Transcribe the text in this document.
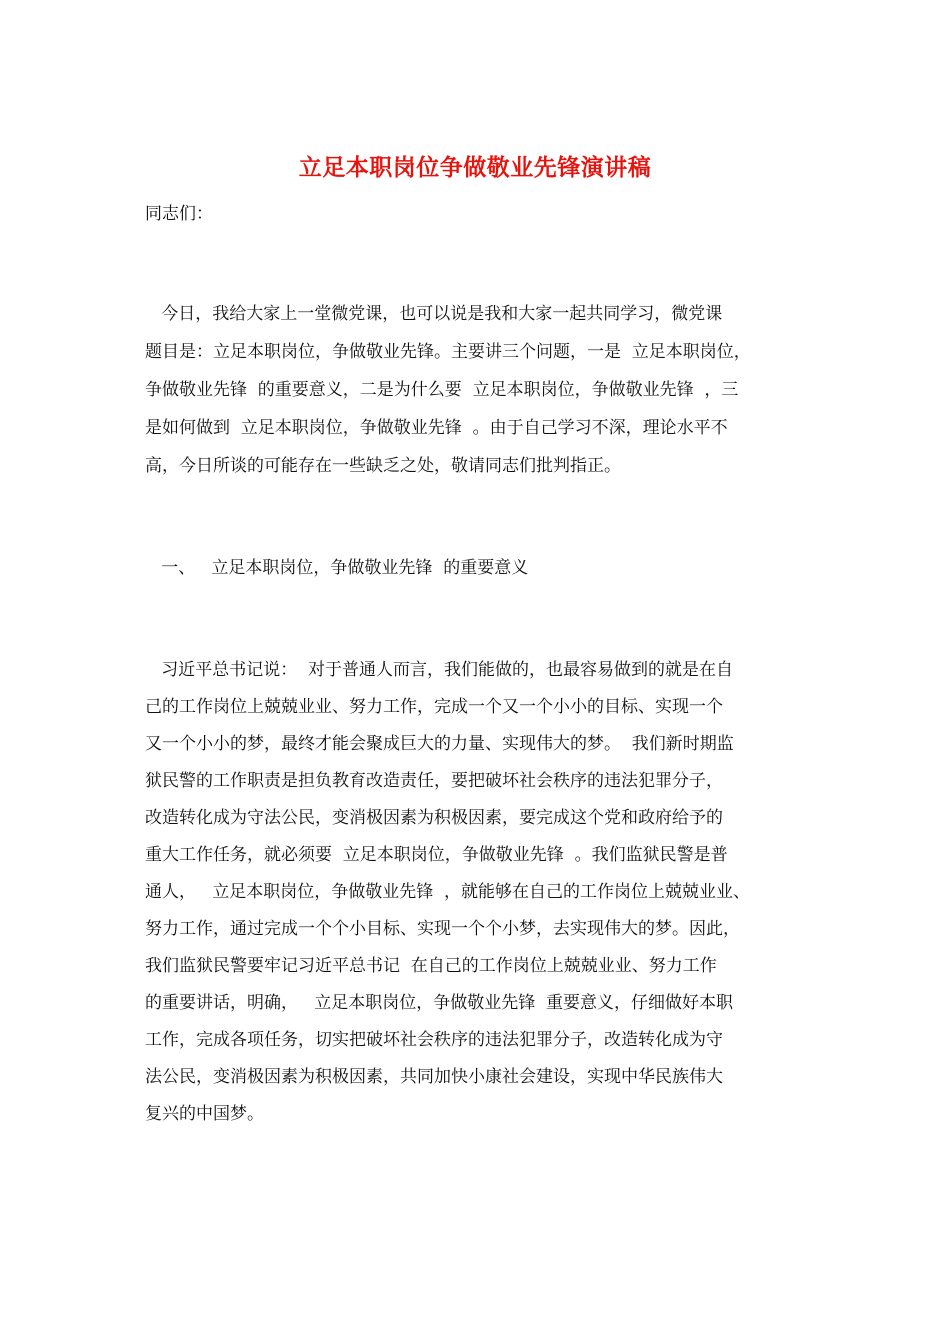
立足本职岗位争做敬业先锋演讲稿
同志们：
今日，我给大家上一堂微党课，也可以说是我和大家一起共同学习，微党课
题目是：立足本职岗位，争做敬业先锋。主要讲三个问题，一是  立足本职岗位，
争做敬业先锋  的重要意义，二是为什么要  立足本职岗位，争做敬业先锋  ，三
是如何做到  立足本职岗位，争做敬业先锋  。由于自己学习不深，理论水平不
高，今日所谈的可能存在一些缺乏之处，敬请同志们批判指正。
一、   立足本职岗位，争做敬业先锋  的重要意义
习近平总书记说：  对于普通人而言，我们能做的，也最容易做到的就是在自
己的工作岗位上兢兢业业、努力工作，完成一个又一个小小的目标、实现一个
又一个小小的梦，最终才能会聚成巨大的力量、实现伟大的梦。  我们新时期监
狱民警的工作职责是担负教育改造责任，要把破坏社会秩序的违法犯罪分子，
改造转化成为守法公民，变消极因素为积极因素，要完成这个党和政府给予的
重大工作任务，就必须要  立足本职岗位，争做敬业先锋  。我们监狱民警是普
通人，   立足本职岗位，争做敬业先锋  ，就能够在自己的工作岗位上兢兢业业、
努力工作，通过完成一个个小目标、实现一个个小梦，去实现伟大的梦。因此，
我们监狱民警要牢记习近平总书记  在自己的工作岗位上兢兢业业、努力工作
的重要讲话，明确，   立足本职岗位，争做敬业先锋  重要意义，仔细做好本职
工作，完成各项任务，切实把破坏社会秩序的违法犯罪分子，改造转化成为守
法公民，变消极因素为积极因素，共同加快小康社会建设，实现中华民族伟大
复兴的中国梦。
